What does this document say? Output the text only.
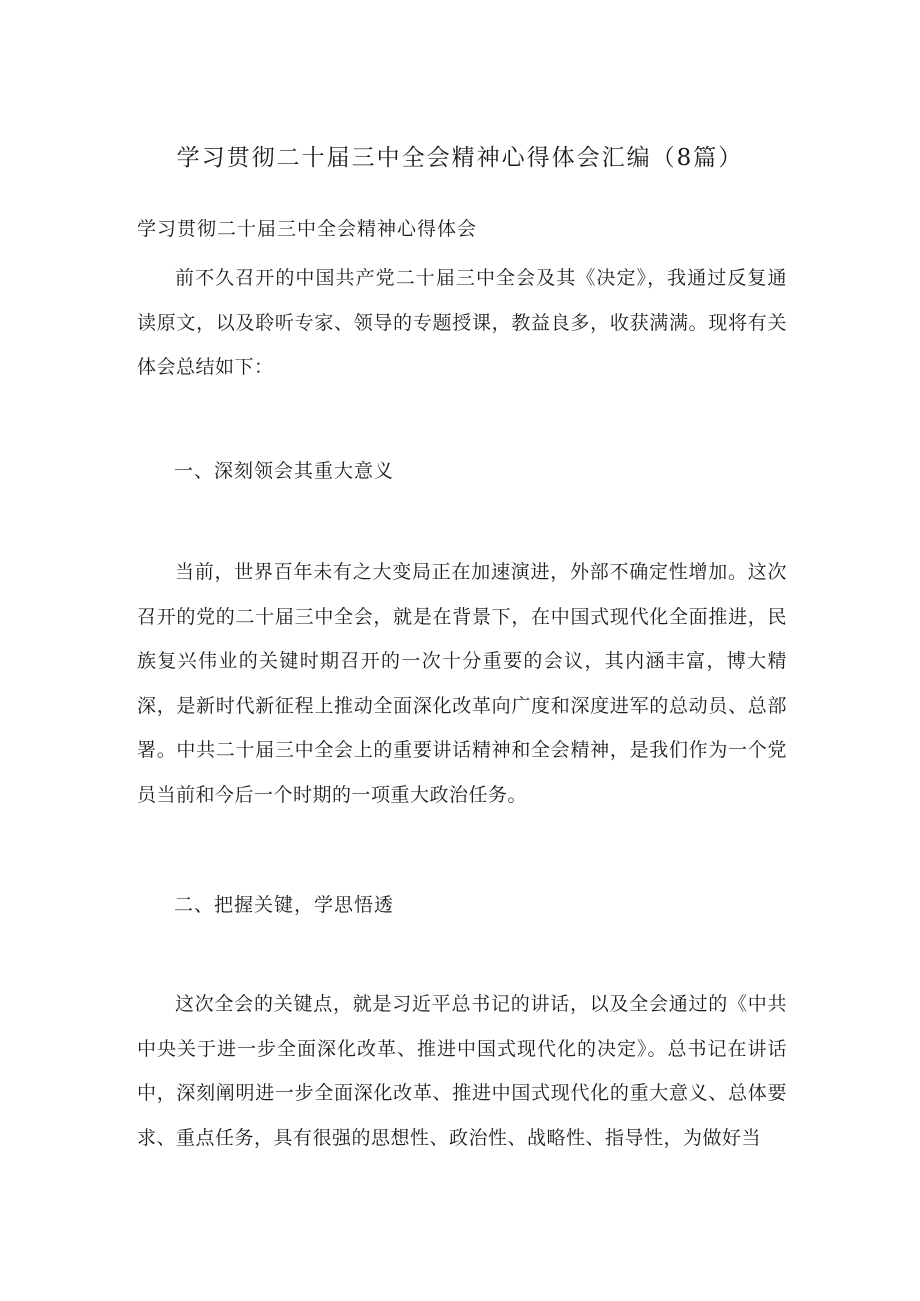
学习贯彻二十届三中全会精神心得体会汇编（8篇）
学习贯彻二十届三中全会精神心得体会

前不久召开的中国共产党二十届三中全会及其《决定》，我通过反复通读原文，以及聆听专家、领导的专题授课，教益良多，收获满满。现将有关体会总结如下：

一、深刻领会其重大意义

当前，世界百年未有之大变局正在加速演进，外部不确定性增加。这次召开的党的二十届三中全会，就是在背景下，在中国式现代化全面推进，民族复兴伟业的关键时期召开的一次十分重要的会议，其内涵丰富，博大精深，是新时代新征程上推动全面深化改革向广度和深度进军的总动员、总部署。中共二十届三中全会上的重要讲话精神和全会精神，是我们作为一个党员当前和今后一个时期的一项重大政治任务。

二、把握关键，学思悟透

这次全会的关键点，就是习近平总书记的讲话，以及全会通过的《中共中央关于进一步全面深化改革、推进中国式现代化的决定》。总书记在讲话中，深刻阐明进一步全面深化改革、推进中国式现代化的重大意义、总体要求、重点任务，具有很强的思想性、政治性、战略性、指导性，为做好当
